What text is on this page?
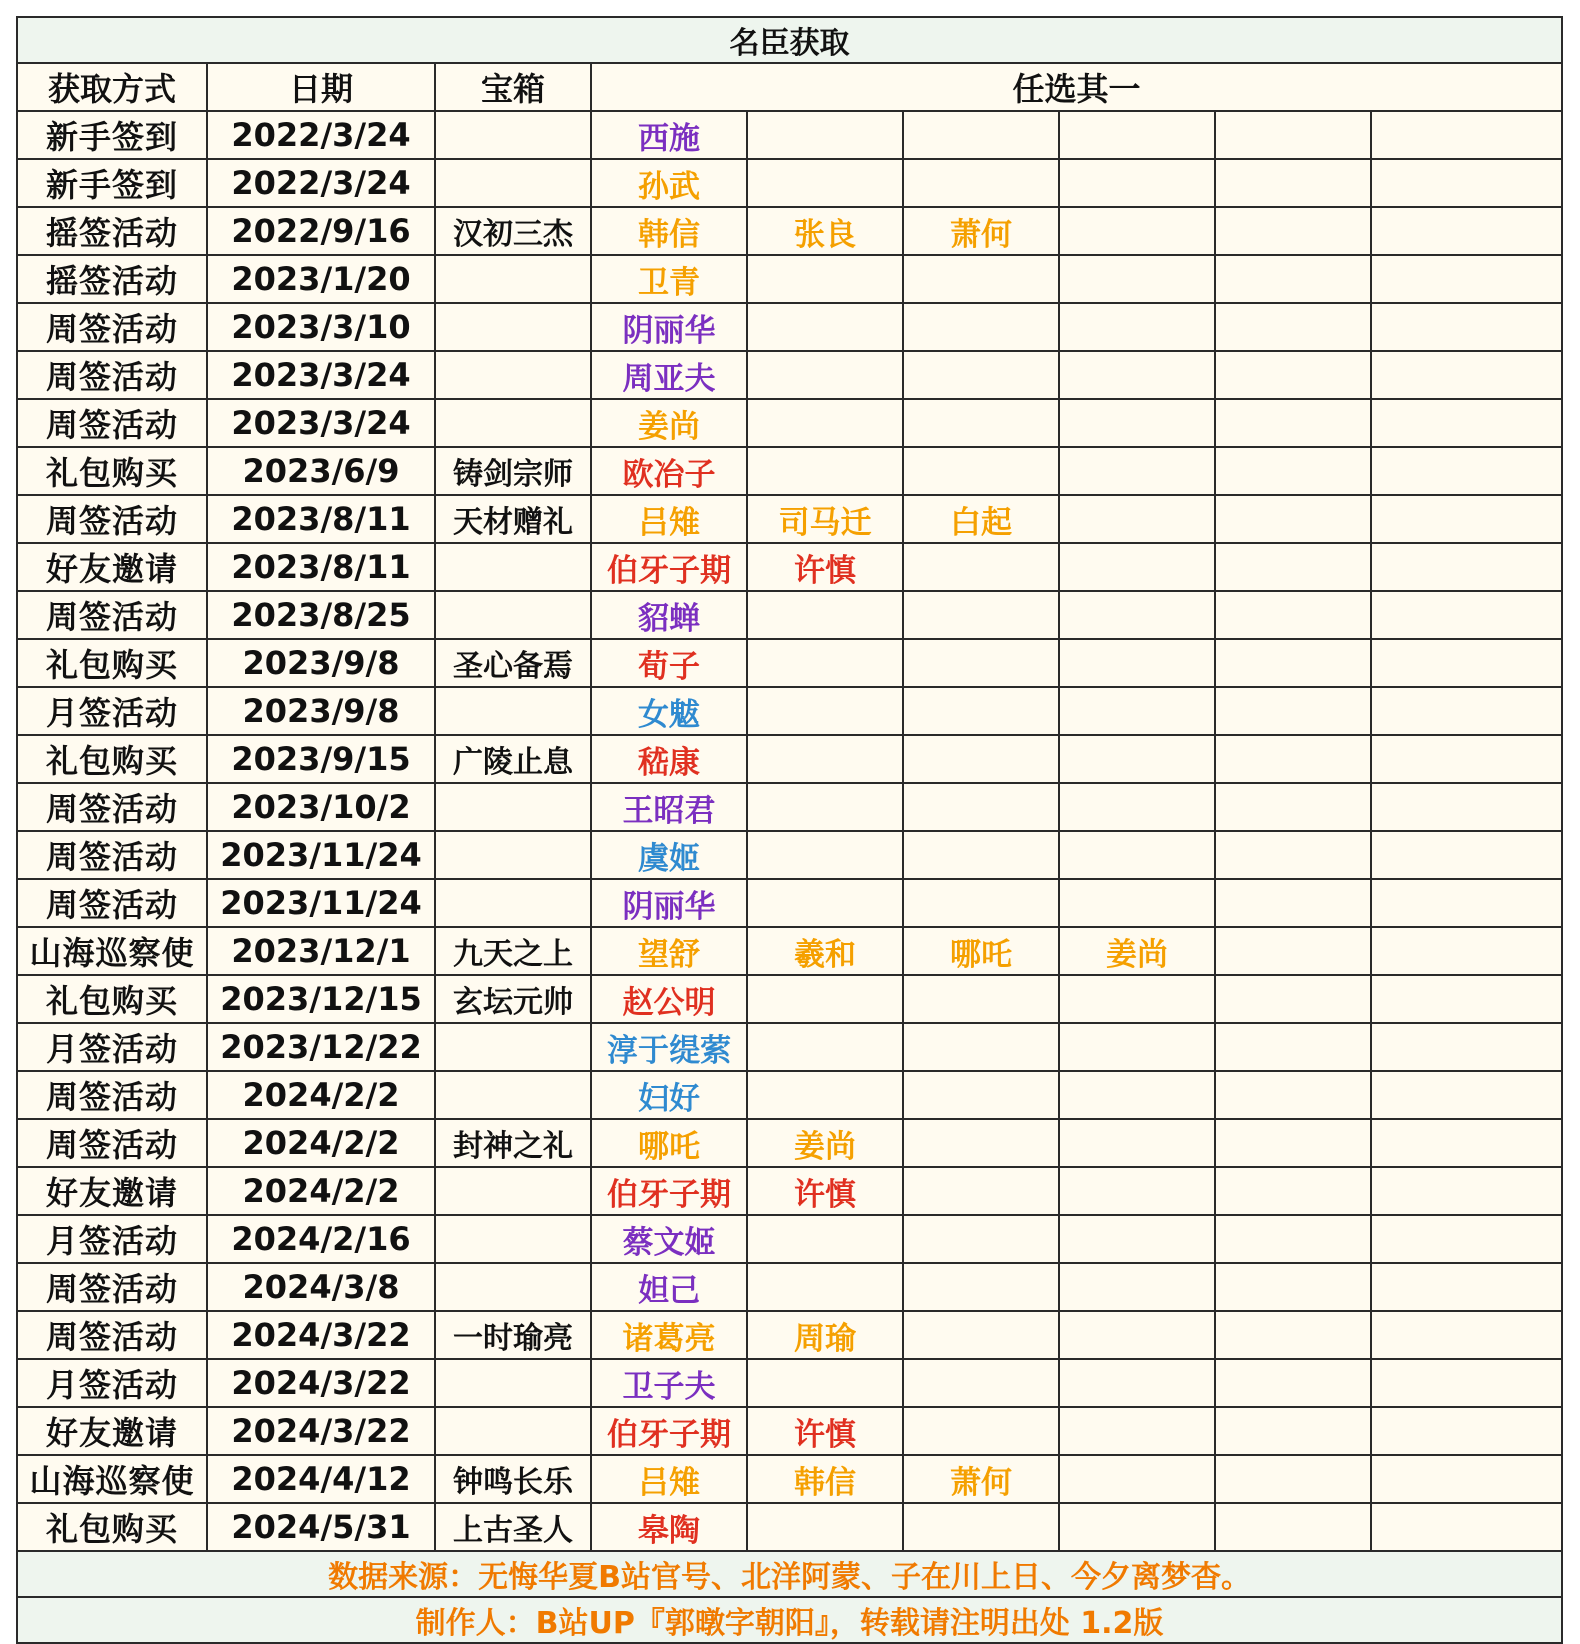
名臣获取								
获取方式	日期	宝箱	任选其一					
新手签到	2022/3/24		西施					
新手签到	2022/3/24		孙武					
摇签活动	2022/9/16	汉初三杰	韩信	张良	萧何			
摇签活动	2023/1/20		卫青					
周签活动	2023/3/10		阴丽华					
周签活动	2023/3/24		周亚夫					
周签活动	2023/3/24		姜尚					
礼包购买	2023/6/9	铸剑宗师	欧冶子					
周签活动	2023/8/11	天材赠礼	吕雉	司马迁	白起			
好友邀请	2023/8/11		伯牙子期	许慎				
周签活动	2023/8/25		貂蝉					
礼包购买	2023/9/8	圣心备焉	荀子					
月签活动	2023/9/8		女魃					
礼包购买	2023/9/15	广陵止息	嵇康					
周签活动	2023/10/2		王昭君					
周签活动	2023/11/24		虞姬					
周签活动	2023/11/24		阴丽华					
山海巡察使	2023/12/1	九天之上	望舒	羲和	哪吒	姜尚		
礼包购买	2023/12/15	玄坛元帅	赵公明					
月签活动	2023/12/22		淳于缇萦					
周签活动	2024/2/2		妇好					
周签活动	2024/2/2	封神之礼	哪吒	姜尚				
好友邀请	2024/2/2		伯牙子期	许慎				
月签活动	2024/2/16		蔡文姬					
周签活动	2024/3/8		妲己					
周签活动	2024/3/22	一时瑜亮	诸葛亮	周瑜				
月签活动	2024/3/22		卫子夫					
好友邀请	2024/3/22		伯牙子期	许慎				
山海巡察使	2024/4/12	钟鸣长乐	吕雉	韩信	萧何			
礼包购买	2024/5/31	上古圣人	皋陶					
数据来源：无悔华夏B站官号、北洋阿蒙、子在川上日、今夕离梦杳。								
制作人：B站UP『郭暾字朝阳』，转载请注明出处 1.2版								
